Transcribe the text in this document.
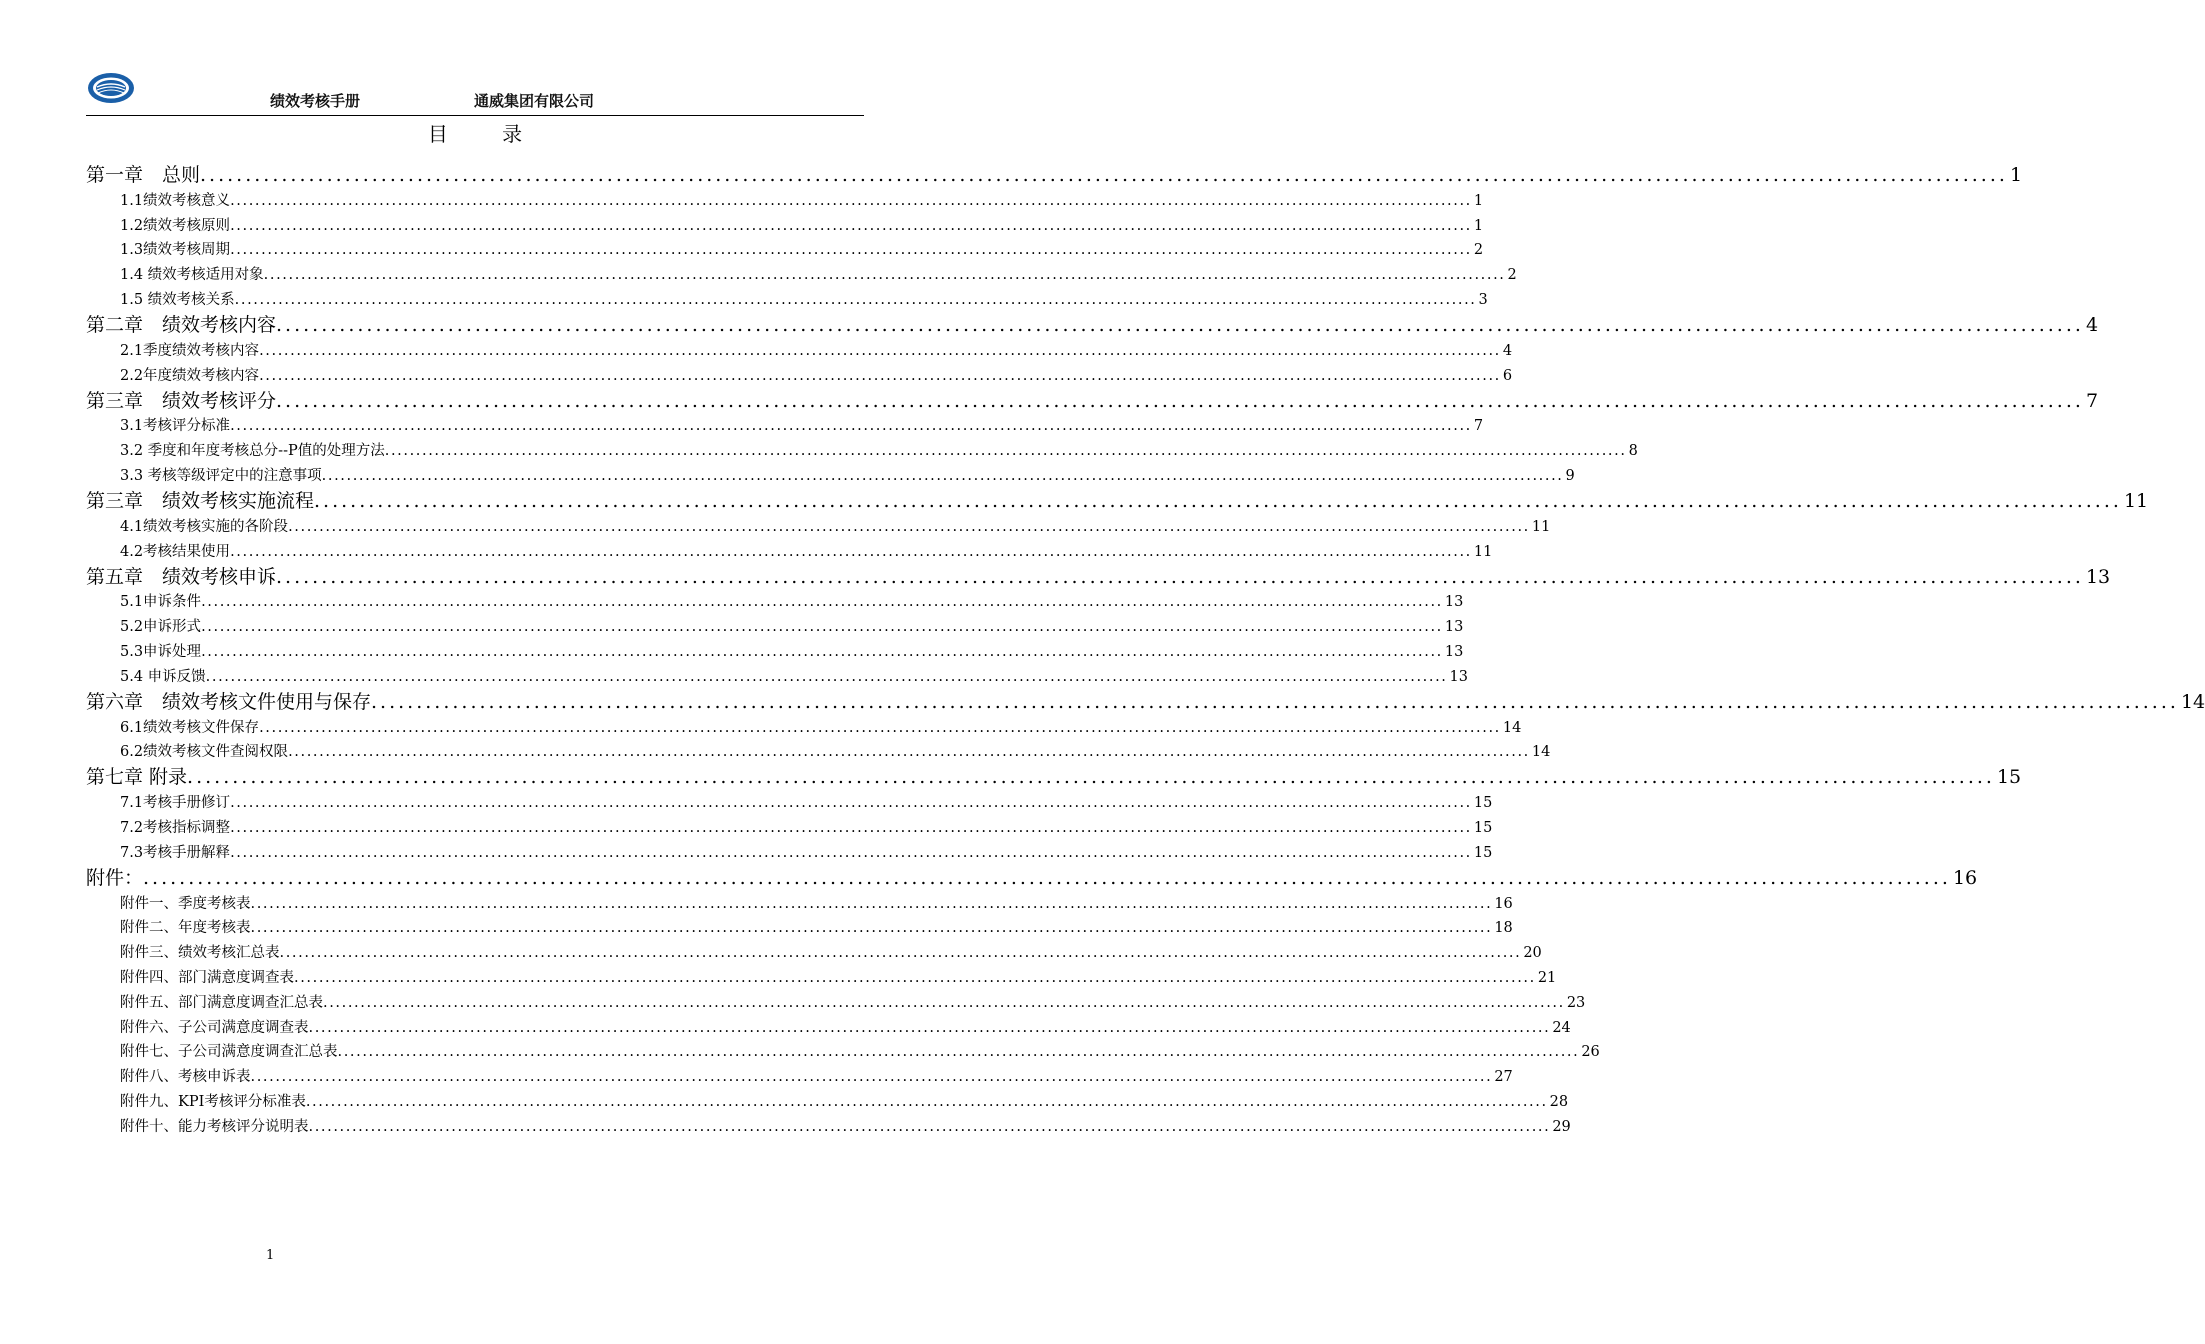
绩效考核手册	通威集团有限公司
目 录
第一章　总则 ........................................................................................................................................................................................................ 1
1.1绩效考核意义 ........................................................................................................................................................................................................ 1
1.2绩效考核原则 ........................................................................................................................................................................................................ 1
1.3绩效考核周期 ........................................................................................................................................................................................................ 2
1.4 绩效考核适用对象 ........................................................................................................................................................................................................ 2
1.5 绩效考核关系 ........................................................................................................................................................................................................ 3
第二章　绩效考核内容 ........................................................................................................................................................................................................ 4
2.1季度绩效考核内容 ........................................................................................................................................................................................................ 4
2.2年度绩效考核内容 ........................................................................................................................................................................................................ 6
第三章　绩效考核评分 ........................................................................................................................................................................................................ 7
3.1考核评分标准 ........................................................................................................................................................................................................ 7
3.2 季度和年度考核总分--P值的处理方法 ........................................................................................................................................................................................................ 8
3.3 考核等级评定中的注意事项 ........................................................................................................................................................................................................ 9
第三章　绩效考核实施流程 ........................................................................................................................................................................................................ 11
4.1绩效考核实施的各阶段 ........................................................................................................................................................................................................ 11
4.2考核结果使用 ........................................................................................................................................................................................................ 11
第五章　绩效考核申诉 ........................................................................................................................................................................................................ 13
5.1申诉条件 ........................................................................................................................................................................................................ 13
5.2申诉形式 ........................................................................................................................................................................................................ 13
5.3申诉处理 ........................................................................................................................................................................................................ 13
5.4 申诉反馈 ........................................................................................................................................................................................................ 13
第六章　绩效考核文件使用与保存 ........................................................................................................................................................................................................ 14
6.1绩效考核文件保存 ........................................................................................................................................................................................................ 14
6.2绩效考核文件查阅权限 ........................................................................................................................................................................................................ 14
第七章 附录 ........................................................................................................................................................................................................ 15
7.1考核手册修订 ........................................................................................................................................................................................................ 15
7.2考核指标调整 ........................................................................................................................................................................................................ 15
7.3考核手册解释 ........................................................................................................................................................................................................ 15
附件： ........................................................................................................................................................................................................ 16
附件一、季度考核表 ........................................................................................................................................................................................................ 16
附件二、年度考核表 ........................................................................................................................................................................................................ 18
附件三、绩效考核汇总表 ........................................................................................................................................................................................................ 20
附件四、部门满意度调查表 ........................................................................................................................................................................................................ 21
附件五、部门满意度调查汇总表 ........................................................................................................................................................................................................ 23
附件六、子公司满意度调查表 ........................................................................................................................................................................................................ 24
附件七、子公司满意度调查汇总表 ........................................................................................................................................................................................................ 26
附件八、考核申诉表 ........................................................................................................................................................................................................ 27
附件九、KPI考核评分标准表 ........................................................................................................................................................................................................ 28
附件十、能力考核评分说明表 ........................................................................................................................................................................................................ 29
1
